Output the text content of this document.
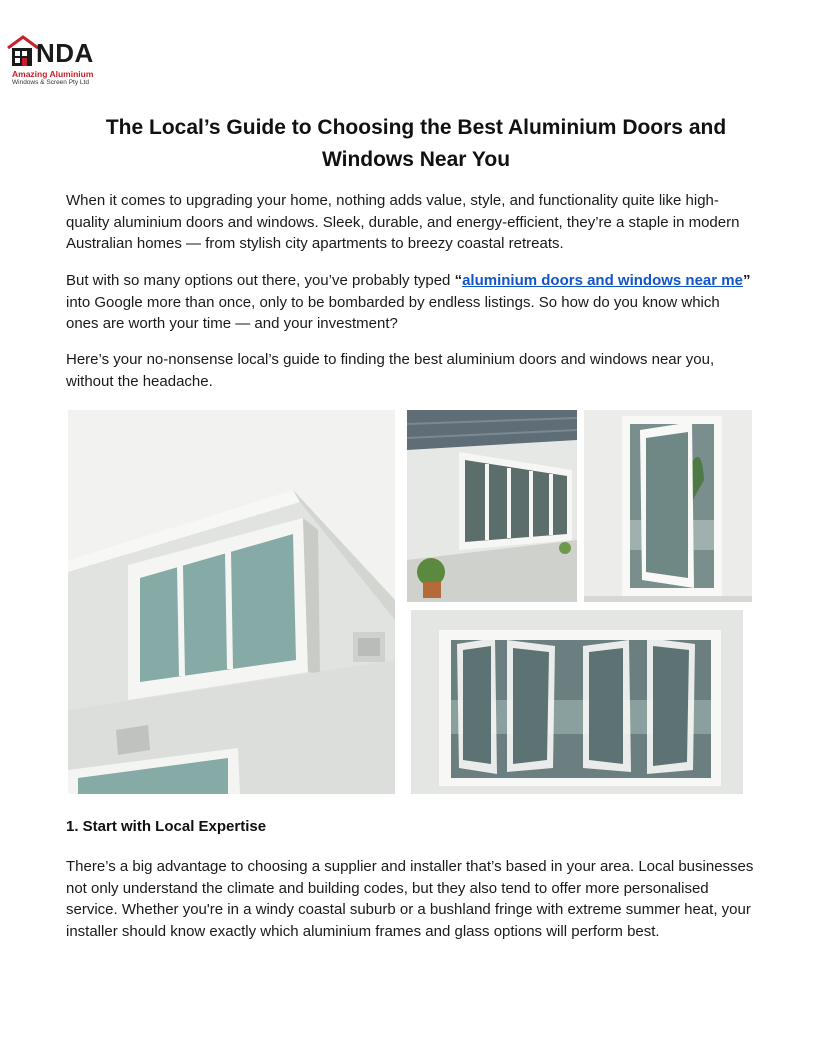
NDA
Amazing Aluminium
Windows & Screen Pty Ltd
The Local’s Guide to Choosing the Best Aluminium Doors and Windows Near You

When it comes to upgrading your home, nothing adds value, style, and functionality quite like high-quality aluminium doors and windows. Sleek, durable, and energy-efficient, they’re a staple in modern Australian homes — from stylish city apartments to breezy coastal retreats.

But with so many options out there, you’ve probably typed “aluminium doors and windows near me” into Google more than once, only to be bombarded by endless listings. So how do you know which ones are worth your time — and your investment?

Here’s your no-nonsense local’s guide to finding the best aluminium doors and windows near you, without the headache.

1. Start with Local Expertise

There’s a big advantage to choosing a supplier and installer that’s based in your area. Local businesses not only understand the climate and building codes, but they also tend to offer more personalised service. Whether you're in a windy coastal suburb or a bushland fringe with extreme summer heat, your installer should know exactly which aluminium frames and glass options will perform best.
